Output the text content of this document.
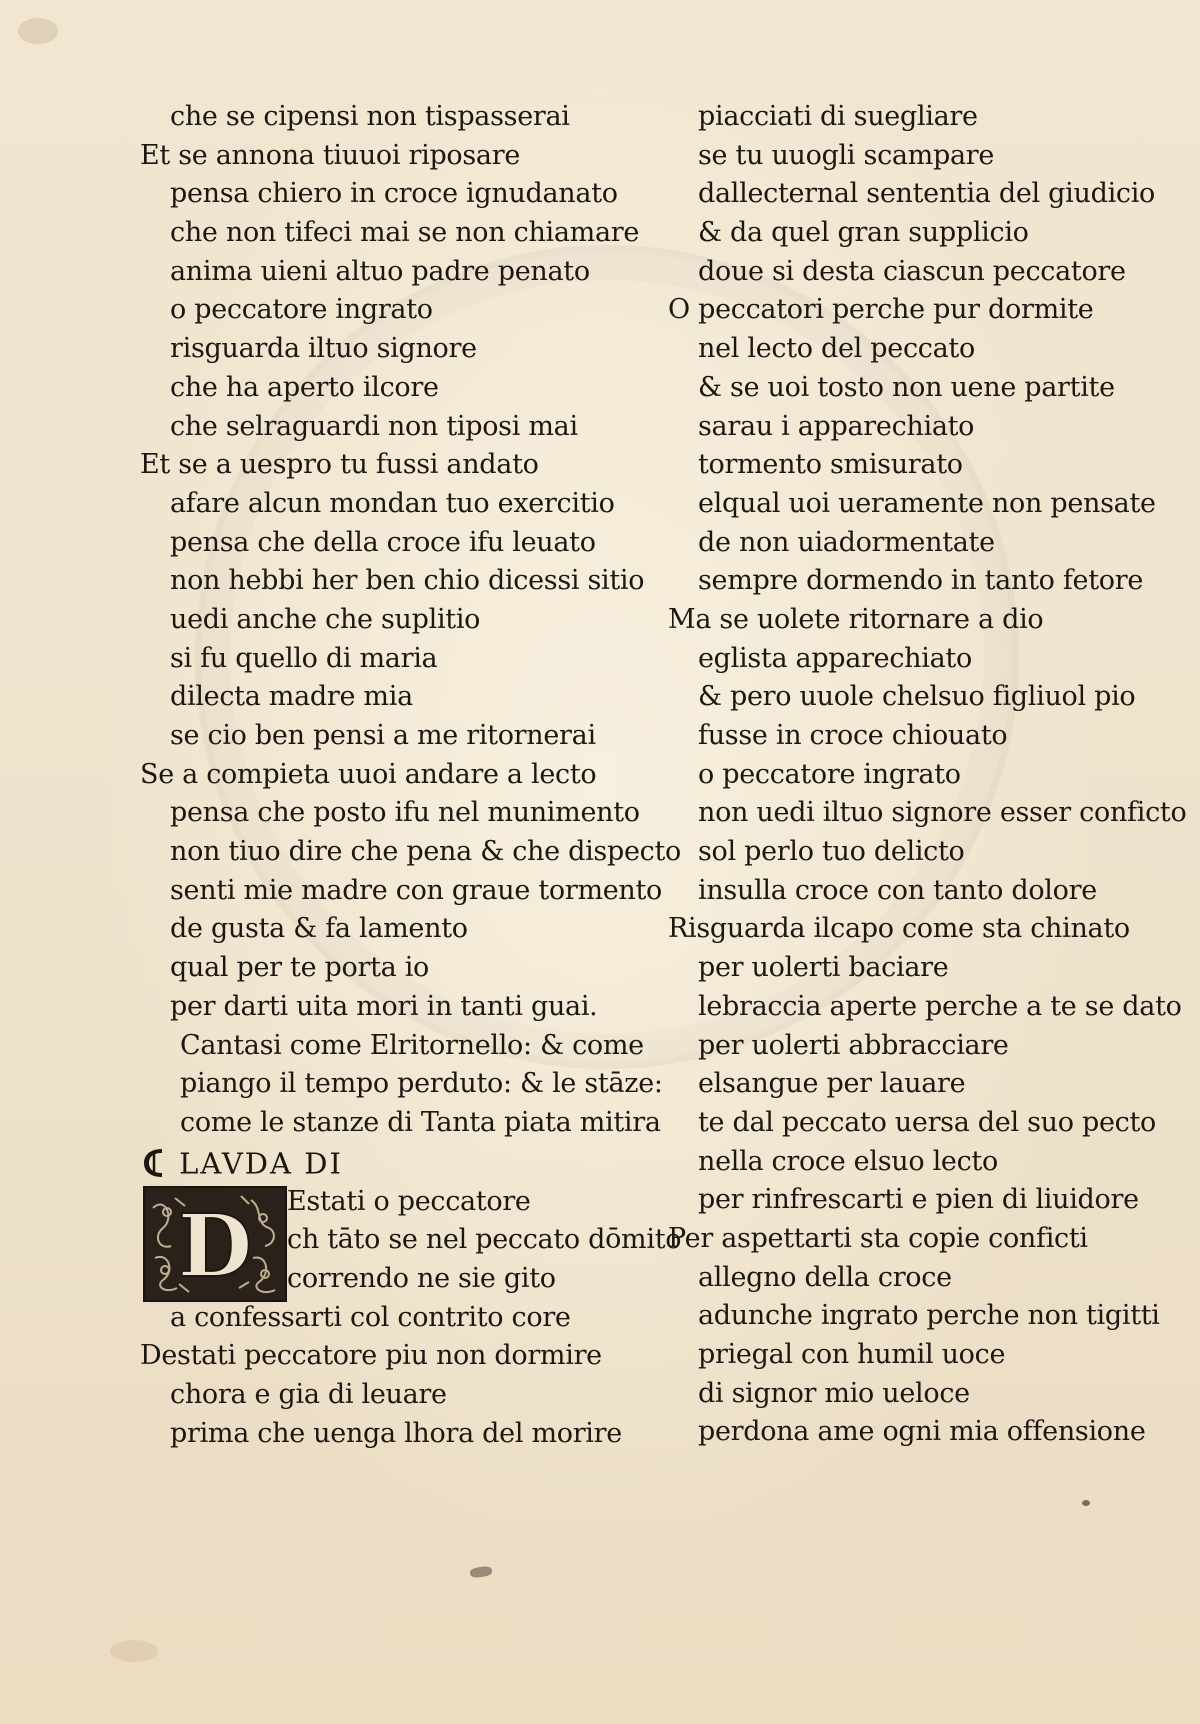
che se cipensi non tispasserai
Et se annona tiuuoi riposare
pensa chiero in croce ignudanato
che non tifeci mai se non chiamare
anima uieni altuo padre penato
o peccatore ingrato
risguarda iltuo signore
che ha aperto ilcore
che selraguardi non tiposi mai
Et se a uespro tu fussi andato
afare alcun mondan tuo exercitio
pensa che della croce ifu leuato
non hebbi her ben chio dicessi sitio
uedi anche che suplitio
si fu quello di maria
dilecta madre mia
se cio ben pensi a me ritornerai
Se a compieta uuoi andare a lecto
pensa che posto ifu nel munimento
non tiuo dire che pena & che dispecto
senti mie madre con graue tormento
de gusta & fa lamento
qual per te porta io
per darti uita mori in tanti guai.
Cantasi come Elritornello: & come
piango il tempo perduto: & le stāze:
come le stanze di Tanta piata mitira
LAVDA DI
D Estati o peccatore
ch tāto se nel peccato dōmito
correndo ne sie gito
a confessarti col contrito core
Destati peccatore piu non dormire
chora e gia di leuare
prima che uenga lhora del morire
piacciati di suegliare
se tu uuogli scampare
dallecternal sententia del giudicio
& da quel gran supplicio
doue si desta ciascun peccatore
O peccatori perche pur dormite
nel lecto del peccato
& se uoi tosto non uene partite
sarau i apparechiato
tormento smisurato
elqual uoi ueramente non pensate
de non uiadormentate
sempre dormendo in tanto fetore
Ma se uolete ritornare a dio
eglista apparechiato
& pero uuole chelsuo figliuol pio
fusse in croce chiouato
o peccatore ingrato
non uedi iltuo signore esser conficto
sol perlo tuo delicto
insulla croce con tanto dolore
Risguarda ilcapo come sta chinato
per uolerti baciare
lebraccia aperte perche a te se dato
per uolerti abbracciare
elsangue per lauare
te dal peccato uersa del suo pecto
nella croce elsuo lecto
per rinfrescarti e pien di liuidore
Per aspettarti sta copie conficti
allegno della croce
adunche ingrato perche non tigitti
priegal con humil uoce
di signor mio ueloce
perdona ame ogni mia offensione
